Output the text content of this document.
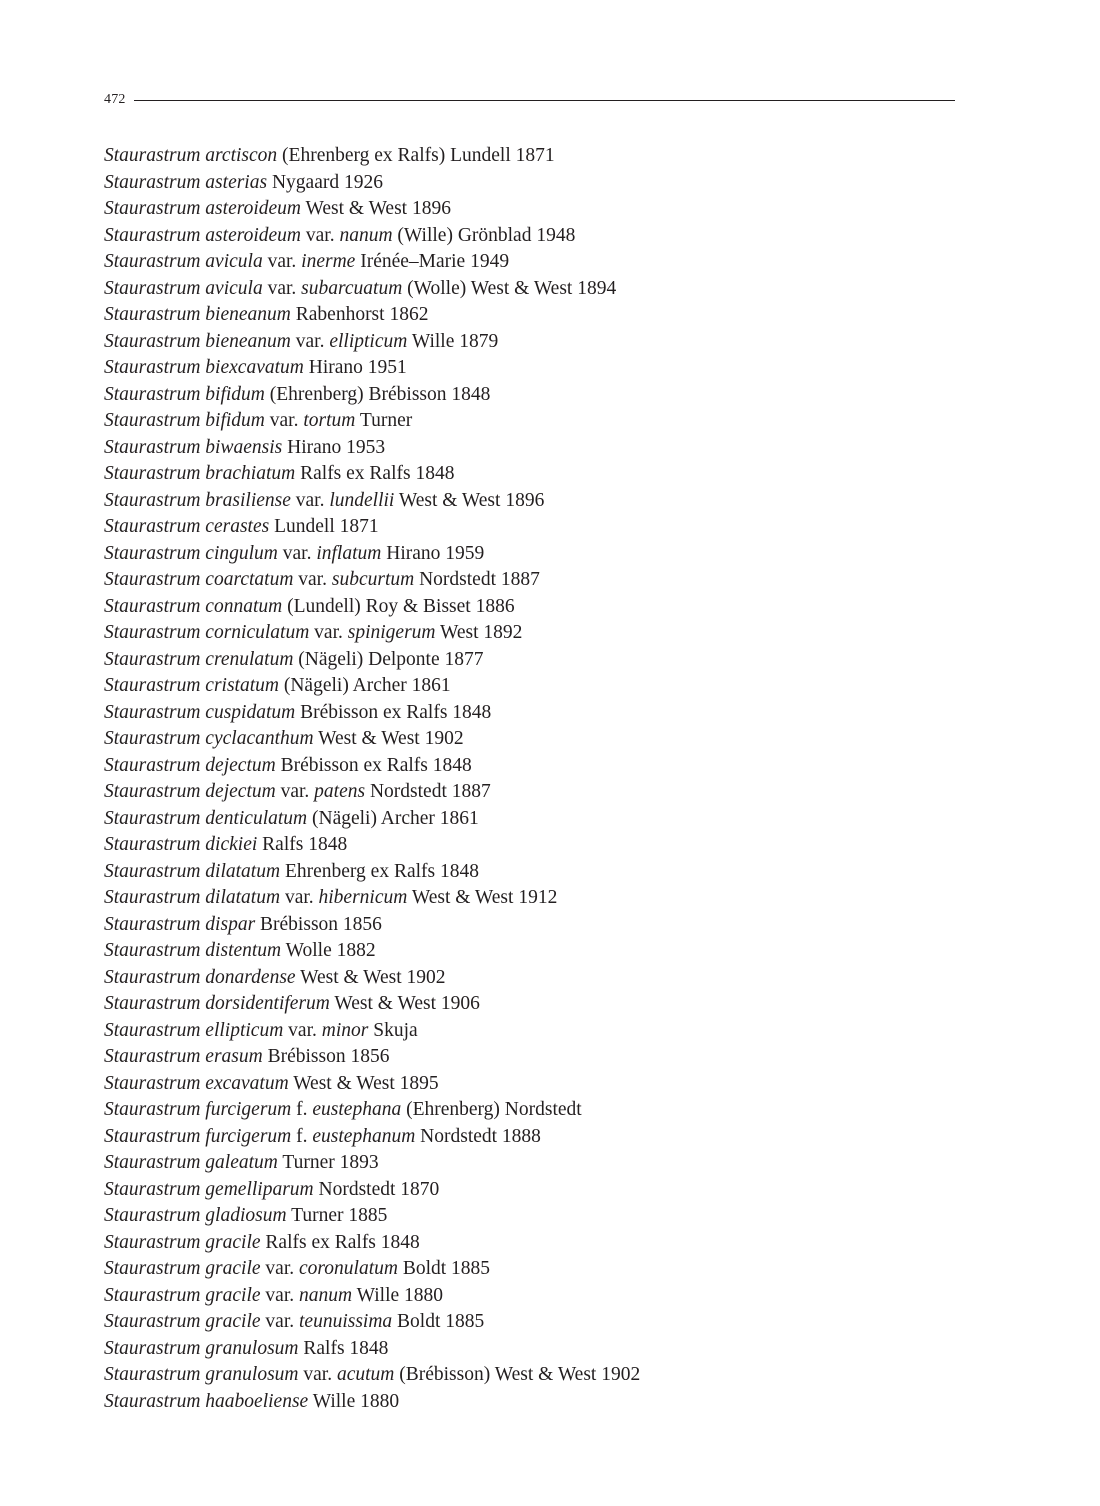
472
Staurastrum arctiscon (Ehrenberg ex Ralfs) Lundell 1871
Staurastrum asterias Nygaard 1926
Staurastrum asteroideum West & West 1896
Staurastrum asteroideum var. nanum (Wille) Grönblad 1948
Staurastrum avicula var. inerme Irénée–Marie 1949
Staurastrum avicula var. subarcuatum (Wolle) West & West 1894
Staurastrum bieneanum Rabenhorst 1862
Staurastrum bieneanum var. ellipticum Wille 1879
Staurastrum biexcavatum Hirano 1951
Staurastrum bifidum (Ehrenberg) Brébisson 1848
Staurastrum bifidum var. tortum Turner
Staurastrum biwaensis Hirano 1953
Staurastrum brachiatum Ralfs ex Ralfs 1848
Staurastrum brasiliense var. lundellii West & West 1896
Staurastrum cerastes Lundell 1871
Staurastrum cingulum var. inflatum Hirano 1959
Staurastrum coarctatum var. subcurtum Nordstedt 1887
Staurastrum connatum (Lundell) Roy & Bisset 1886
Staurastrum corniculatum var. spinigerum West 1892
Staurastrum crenulatum (Nägeli) Delponte 1877
Staurastrum cristatum (Nägeli) Archer 1861
Staurastrum cuspidatum Brébisson ex Ralfs 1848
Staurastrum cyclacanthum West & West 1902
Staurastrum dejectum Brébisson ex Ralfs 1848
Staurastrum dejectum var. patens Nordstedt 1887
Staurastrum denticulatum (Nägeli) Archer 1861
Staurastrum dickiei Ralfs 1848
Staurastrum dilatatum Ehrenberg ex Ralfs 1848
Staurastrum dilatatum var. hibernicum West & West 1912
Staurastrum dispar Brébisson 1856
Staurastrum distentum Wolle 1882
Staurastrum donardense West & West 1902
Staurastrum dorsidentiferum West & West 1906
Staurastrum ellipticum var. minor Skuja
Staurastrum erasum Brébisson 1856
Staurastrum excavatum West & West 1895
Staurastrum furcigerum f. eustephana (Ehrenberg) Nordstedt
Staurastrum furcigerum f. eustephanum Nordstedt 1888
Staurastrum galeatum Turner 1893
Staurastrum gemelliparum Nordstedt 1870
Staurastrum gladiosum Turner 1885
Staurastrum gracile Ralfs ex Ralfs 1848
Staurastrum gracile var. coronulatum Boldt 1885
Staurastrum gracile var. nanum Wille 1880
Staurastrum gracile var. teunuissima Boldt 1885
Staurastrum granulosum Ralfs 1848
Staurastrum granulosum var. acutum (Brébisson) West & West 1902
Staurastrum haaboeliense Wille 1880
